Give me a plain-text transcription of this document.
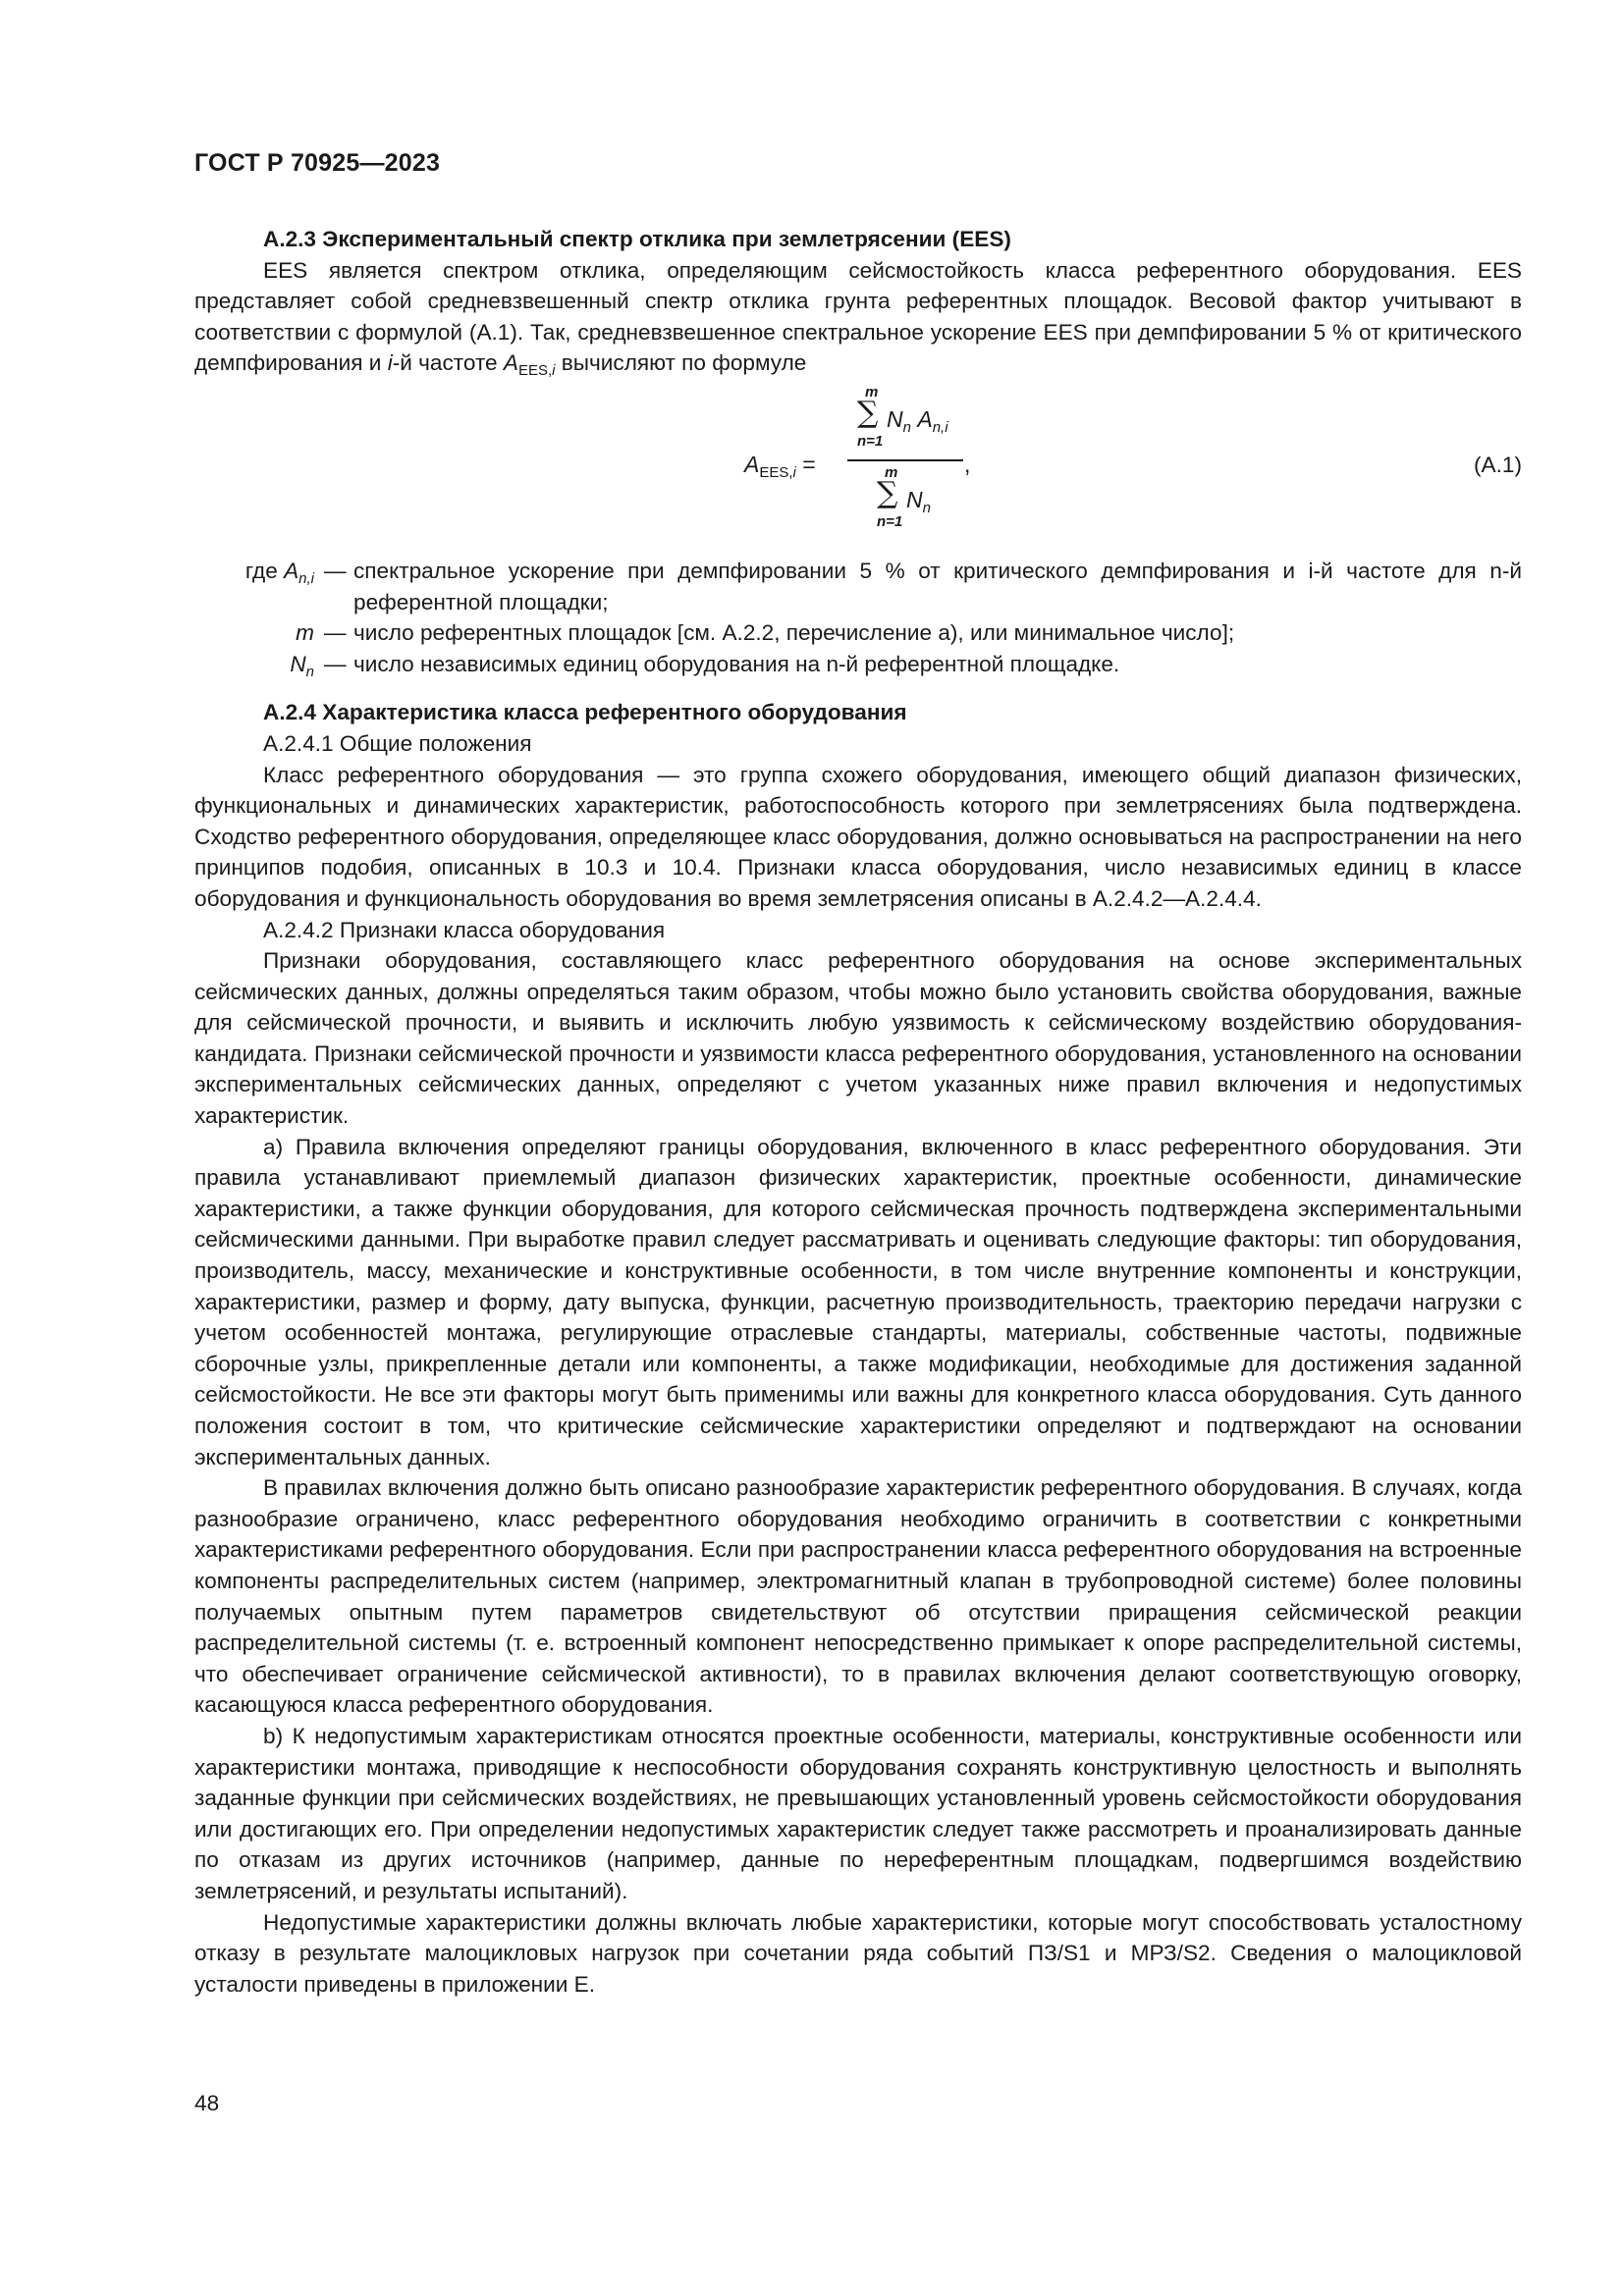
ГОСТ Р 70925—2023

А.2.3 Экспериментальный спектр отклика при землетрясении (EES)

EES является спектром отклика, определяющим сейсмостойкость класса референтного оборудования. EES представляет собой средневзвешенный спектр отклика грунта референтных площадок. Весовой фактор учитывают в соответствии с формулой (А.1). Так, средневзвешенное спектральное ускорение EES при демпфировании 5 % от критического демпфирования и i-й частоте $A_{EES,i}$ вычисляют по формуле

$A_{EES,i}$ =
m
∑
n=1
$N_n$ $A_{n,i}$
m
∑
n=1
$N_n$
,	(А.1)
где $A_{n,i}$ — спектральное ускорение при демпфировании 5 % от критического демпфирования и i-й частоте для n-й референтной площадки;
m — число референтных площадок [см. А.2.2, перечисление а), или минимальное число];
$N_n$ — число независимых единиц оборудования на n-й референтной площадке.

А.2.4 Характеристика класса референтного оборудования

А.2.4.1 Общие положения

Класс референтного оборудования — это группа схожего оборудования, имеющего общий диапазон физических, функциональных и динамических характеристик, работоспособность которого при землетрясениях была подтверждена. Сходство референтного оборудования, определяющее класс оборудования, должно основываться на распространении на него принципов подобия, описанных в 10.3 и 10.4. Признаки класса оборудования, число независимых единиц в классе оборудования и функциональность оборудования во время землетрясения описаны в А.2.4.2—А.2.4.4.

А.2.4.2 Признаки класса оборудования

Признаки оборудования, составляющего класс референтного оборудования на основе экспериментальных сейсмических данных, должны определяться таким образом, чтобы можно было установить свойства оборудования, важные для сейсмической прочности, и выявить и исключить любую уязвимость к сейсмическому воздействию оборудования-кандидата. Признаки сейсмической прочности и уязвимости класса референтного оборудования, установленного на основании экспериментальных сейсмических данных, определяют с учетом указанных ниже правил включения и недопустимых характеристик.

a) Правила включения определяют границы оборудования, включенного в класс референтного оборудования. Эти правила устанавливают приемлемый диапазон физических характеристик, проектные особенности, динамические характеристики, а также функции оборудования, для которого сейсмическая прочность подтверждена экспериментальными сейсмическими данными. При выработке правил следует рассматривать и оценивать следующие факторы: тип оборудования, производитель, массу, механические и конструктивные особенности, в том числе внутренние компоненты и конструкции, характеристики, размер и форму, дату выпуска, функции, расчетную производительность, траекторию передачи нагрузки с учетом особенностей монтажа, регулирующие отраслевые стандарты, материалы, собственные частоты, подвижные сборочные узлы, прикрепленные детали или компоненты, а также модификации, необходимые для достижения заданной сейсмостойкости. Не все эти факторы могут быть применимы или важны для конкретного класса оборудования. Суть данного положения состоит в том, что критические сейсмические характеристики определяют и подтверждают на основании экспериментальных данных.

В правилах включения должно быть описано разнообразие характеристик референтного оборудования. В случаях, когда разнообразие ограничено, класс референтного оборудования необходимо ограничить в соответствии с конкретными характеристиками референтного оборудования. Если при распространении класса референтного оборудования на встроенные компоненты распределительных систем (например, электромагнитный клапан в трубопроводной системе) более половины получаемых опытным путем параметров свидетельствуют об отсутствии приращения сейсмической реакции распределительной системы (т. е. встроенный компонент непосредственно примыкает к опоре распределительной системы, что обеспечивает ограничение сейсмической активности), то в правилах включения делают соответствующую оговорку, касающуюся класса референтного оборудования.

b) К недопустимым характеристикам относятся проектные особенности, материалы, конструктивные особенности или характеристики монтажа, приводящие к неспособности оборудования сохранять конструктивную целостность и выполнять заданные функции при сейсмических воздействиях, не превышающих установленный уровень сейсмостойкости оборудования или достигающих его. При определении недопустимых характеристик следует также рассмотреть и проанализировать данные по отказам из других источников (например, данные по нереферентным площадкам, подвергшимся воздействию землетрясений, и результаты испытаний).

Недопустимые характеристики должны включать любые характеристики, которые могут способствовать усталостному отказу в результате малоцикловых нагрузок при сочетании ряда событий ПЗ/S1 и МРЗ/S2. Сведения о малоцикловой усталости приведены в приложении Е.

48
